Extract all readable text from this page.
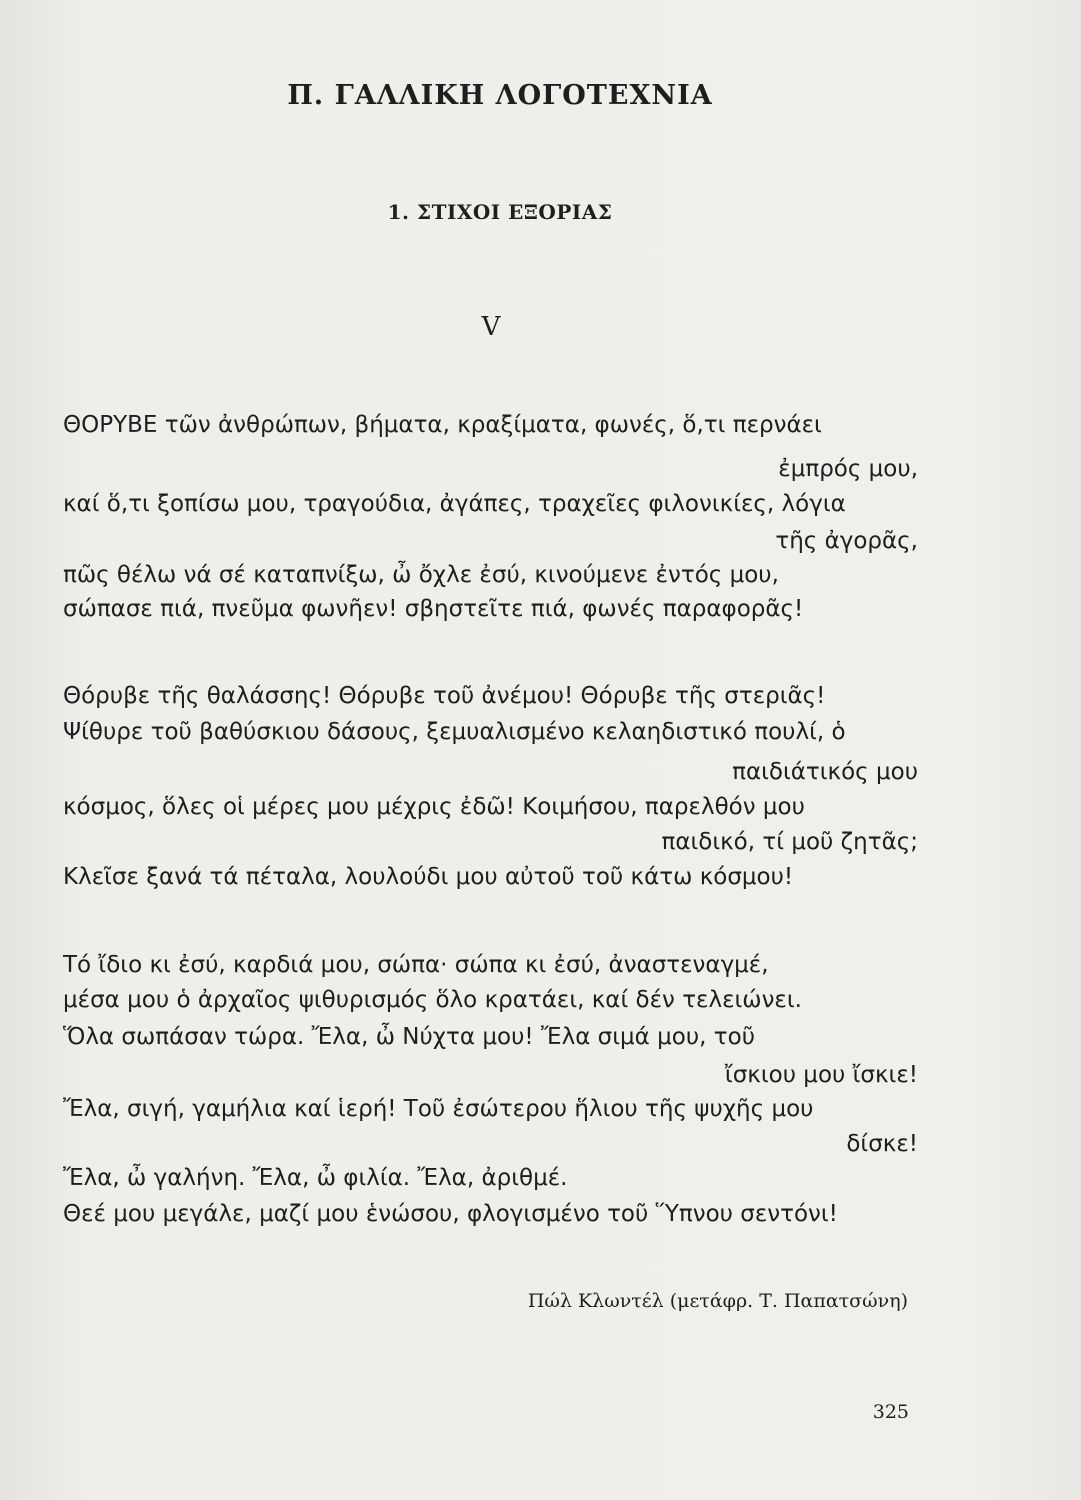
Π. ΓΑΛΛΙΚΗ ΛΟΓΟΤΕΧΝΙΑ
1. ΣΤΙΧΟΙ ΕΞΟΡΙΑΣ
V
ΘΟΡΥΒΕ τῶν ἀνθρώπων, βήματα, κραξίματα, φωνές, ὅ,τι περνάει
ἐμπρός μου,
καί ὅ,τι ξοπίσω μου, τραγούδια, ἀγάπες, τραχεῖες φιλονικίες, λόγια
τῆς ἀγορᾶς,
πῶς θέλω νά σέ καταπνίξω, ὦ ὄχλε ἐσύ, κινούμενε ἐντός μου,
σώπασε πιά, πνεῦμα φωνῆεν! σβηστεῖτε πιά, φωνές παραφορᾶς!
Θόρυβε τῆς θαλάσσης! Θόρυβε τοῦ ἀνέμου! Θόρυβε τῆς στεριᾶς!
Ψίθυρε τοῦ βαθύσκιου δάσους, ξεμυαλισμένο κελαηδιστικό πουλί, ὁ
παιδιάτικός μου
κόσμος, ὅλες οἱ μέρες μου μέχρις ἐδῶ! Κοιμήσου, παρελθόν μου
παιδικό, τί μοῦ ζητᾶς;
Κλεῖσε ξανά τά πέταλα, λουλούδι μου αὐτοῦ τοῦ κάτω κόσμου!
Τό ἴδιο κι ἐσύ, καρδιά μου, σώπα· σώπα κι ἐσύ, ἀναστεναγμέ,
μέσα μου ὁ ἀρχαῖος ψιθυρισμός ὅλο κρατάει, καί δέν τελειώνει.
Ὅλα σωπάσαν τώρα. Ἔλα, ὦ Νύχτα μου! Ἔλα σιμά μου, τοῦ
ἴσκιου μου ἴσκιε!
Ἔλα, σιγή, γαμήλια καί ἱερή! Τοῦ ἐσώτερου ἥλιου τῆς ψυχῆς μου
δίσκε!
Ἔλα, ὦ γαλήνη. Ἔλα, ὦ φιλία. Ἔλα, ἀριθμέ.
Θεέ μου μεγάλε, μαζί μου ἑνώσου, φλογισμένο τοῦ Ὕπνου σεντόνι!
Πώλ Κλωντέλ (μετάφρ. Τ. Παπατσώνη)
325
